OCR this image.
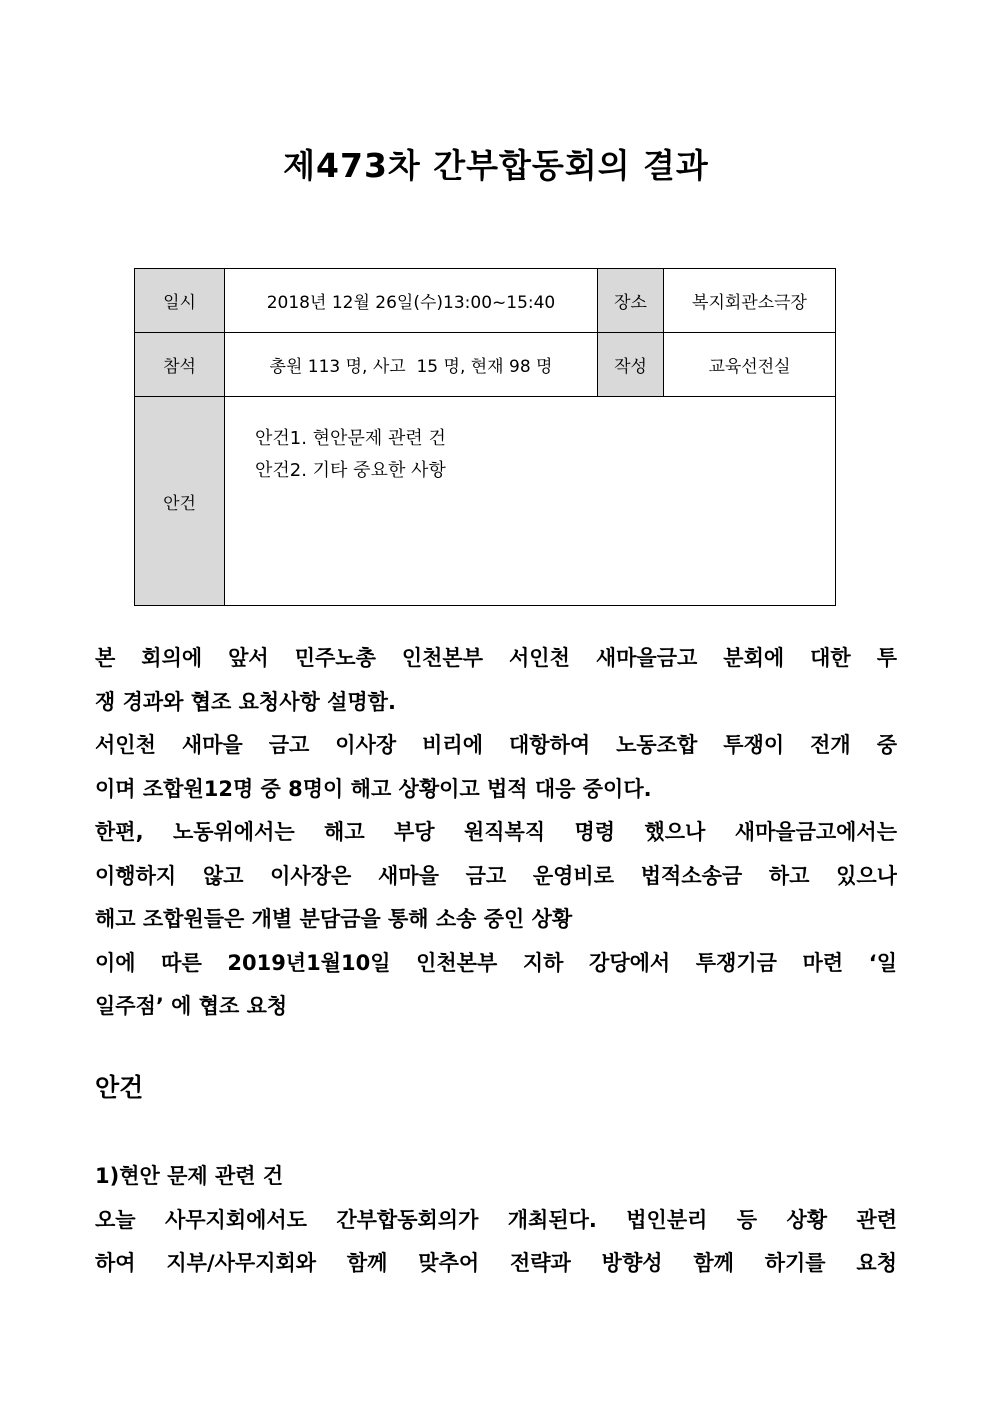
제473차 간부합동회의 결과
일시	2018년 12월 26일(수)13:00~15:40	장소	복지회관소극장
참석	총원 113 명, 사고  15 명, 현재 98 명	작성	교육선전실
안건	안건1. 현안문제 관련 건
안건2. 기타 중요한 사항		
본 회의에 앞서 민주노총 인천본부 서인천 새마을금고 분회에 대한 투
쟁 경과와 협조 요청사항 설명함.
서인천 새마을 금고 이사장 비리에 대항하여 노동조합 투쟁이 전개 중
이며 조합원12명 중 8명이 해고 상황이고 법적 대응 중이다.
한편, 노동위에서는 해고 부당 원직복직 명령 했으나 새마을금고에서는
이행하지 않고 이사장은 새마을 금고 운영비로 법적소송금 하고 있으나
해고 조합원들은 개별 분담금을 통해 소송 중인 상황
이에 따른 2019년1월10일 인천본부 지하 강당에서 투쟁기금 마련 ‘일
일주점’ 에 협조 요청
안건
1)현안 문제 관련 건
오늘 사무지회에서도 간부합동회의가 개최된다. 법인분리 등 상황 관련
하여 지부/사무지회와 함께 맞추어 전략과 방향성 함께 하기를 요청
